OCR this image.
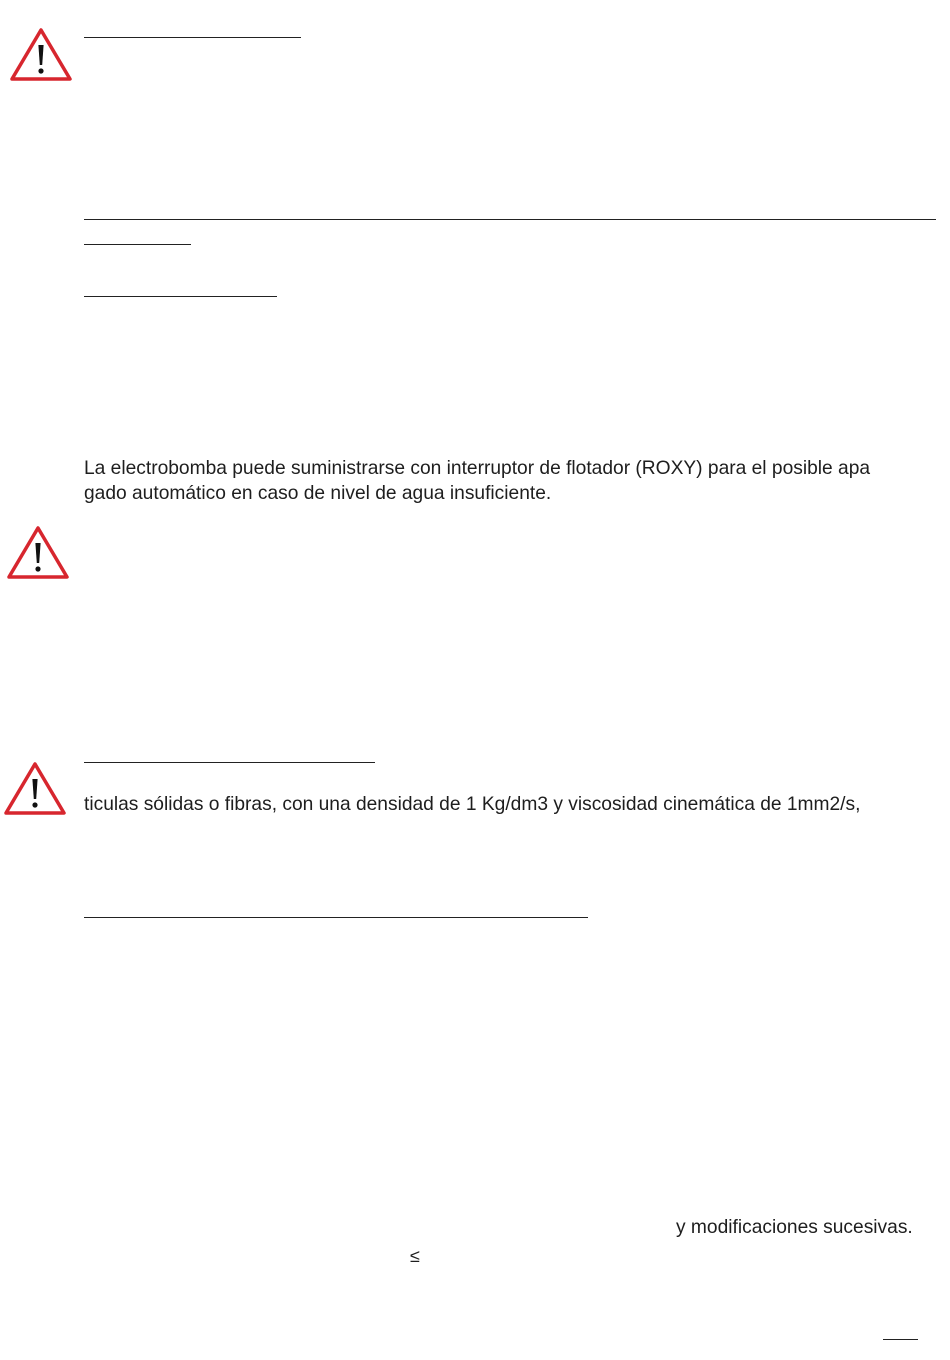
La electrobomba puede suministrarse con interruptor de flotador (ROXY) para el posible apa
gado automático en caso de nivel de agua insuficiente.
ticulas sólidas o fibras, con una densidad de 1 Kg/dm3 y viscosidad cinemática de 1mm2/s,
y modificaciones sucesivas.
≤
